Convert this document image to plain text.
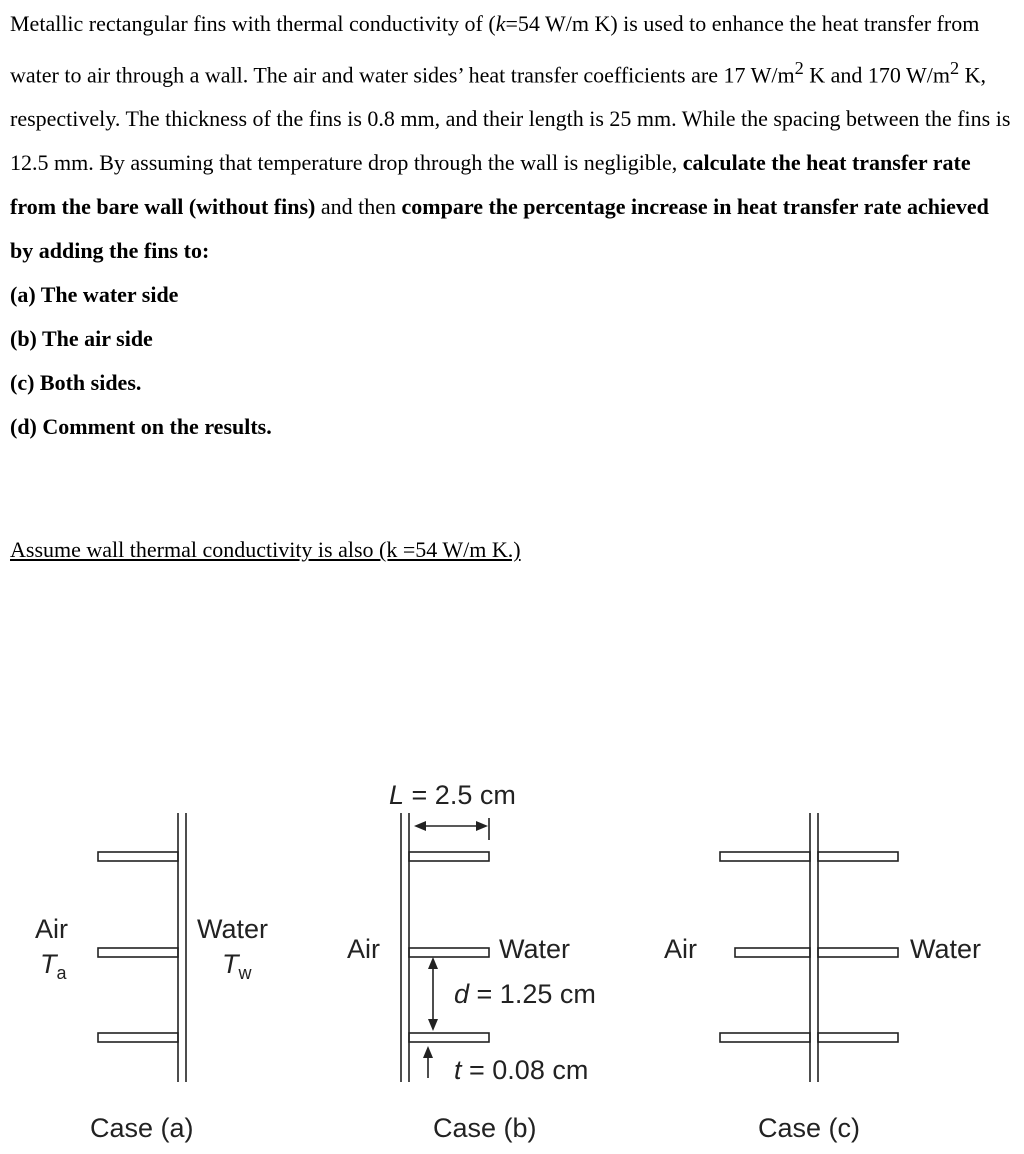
Metallic rectangular fins with thermal conductivity of (k=54 W/m K) is used to enhance the heat transfer from water to air through a wall. The air and water sides’ heat transfer coefficients are 17 $W/m^2$ K and 170 $W/m^2$ K, respectively. The thickness of the fins is 0.8 mm, and their length is 25 mm. While the spacing between the fins is 12.5 mm. By assuming that temperature drop through the wall is negligible, calculate the heat transfer rate from the bare wall (without fins) and then compare the percentage increase in heat transfer rate achieved by adding the fins to:

(a) The water side

(b) The air side

(c) Both sides.

(d) Comment on the results.

Assume wall thermal conductivity is also (k =54 W/m K.)
Air
$T_a$
Water
$T_w$
Case (a)
L = 2.5 cm
Air	Water
d = 1.25 cm
t = 0.08 cm
Case (b)
Air	Water
Case (c)
